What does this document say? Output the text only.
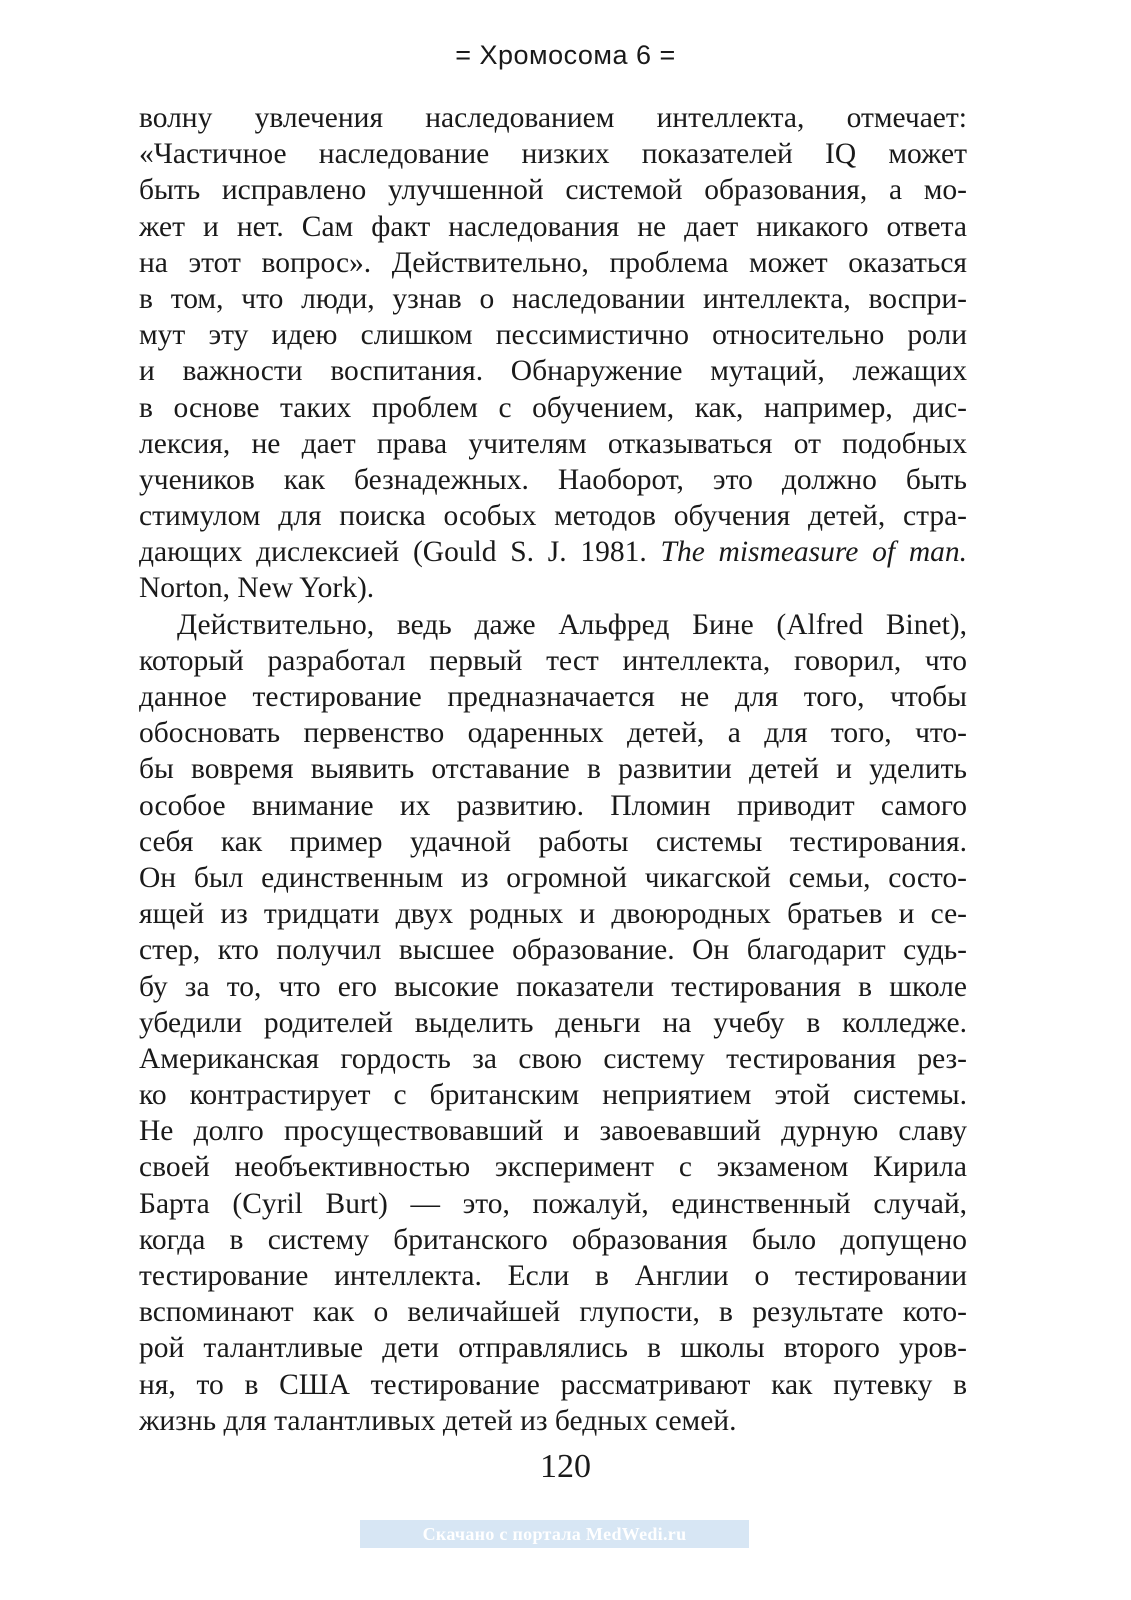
= Хромосома 6 =
волну увлечения наследованием интеллекта, отмечает:
«Частичное наследование низких показателей IQ может
быть исправлено улучшенной системой образования, а мо-
жет и нет. Сам факт наследования не дает никакого ответа
на этот вопрос». Действительно, проблема может оказаться
в том, что люди, узнав о наследовании интеллекта, воспри-
мут эту идею слишком пессимистично относительно роли
и важности воспитания. Обнаружение мутаций, лежащих
в основе таких проблем с обучением, как, например, дис-
лексия, не дает права учителям отказываться от подобных
учеников как безнадежных. Наоборот, это должно быть
стимулом для поиска особых методов обучения детей, стра-
дающих дислексией (Gould S. J. 1981. The mismeasure of man.
Norton, New York).
Действительно, ведь даже Альфред Бине (Alfred Binet),
который разработал первый тест интеллекта, говорил, что
данное тестирование предназначается не для того, чтобы
обосновать первенство одаренных детей, а для того, что-
бы вовремя выявить отставание в развитии детей и уделить
особое внимание их развитию. Пломин приводит самого
себя как пример удачной работы системы тестирования.
Он был единственным из огромной чикагской семьи, состо-
ящей из тридцати двух родных и двоюродных братьев и се-
стер, кто получил высшее образование. Он благодарит судь-
бу за то, что его высокие показатели тестирования в школе
убедили родителей выделить деньги на учебу в колледже.
Американская гордость за свою систему тестирования рез-
ко контрастирует с британским неприятием этой системы.
Не долго просуществовавший и завоевавший дурную славу
своей необъективностью эксперимент с экзаменом Кирила
Барта (Cyril Burt) — это, пожалуй, единственный случай,
когда в систему британского образования было допущено
тестирование интеллекта. Если в Англии о тестировании
вспоминают как о величайшей глупости, в результате кото-
рой талантливые дети отправлялись в школы второго уров-
ня, то в США тестирование рассматривают как путевку в
жизнь для талантливых детей из бедных семей.
120
Скачано с портала MedWedi.ru
